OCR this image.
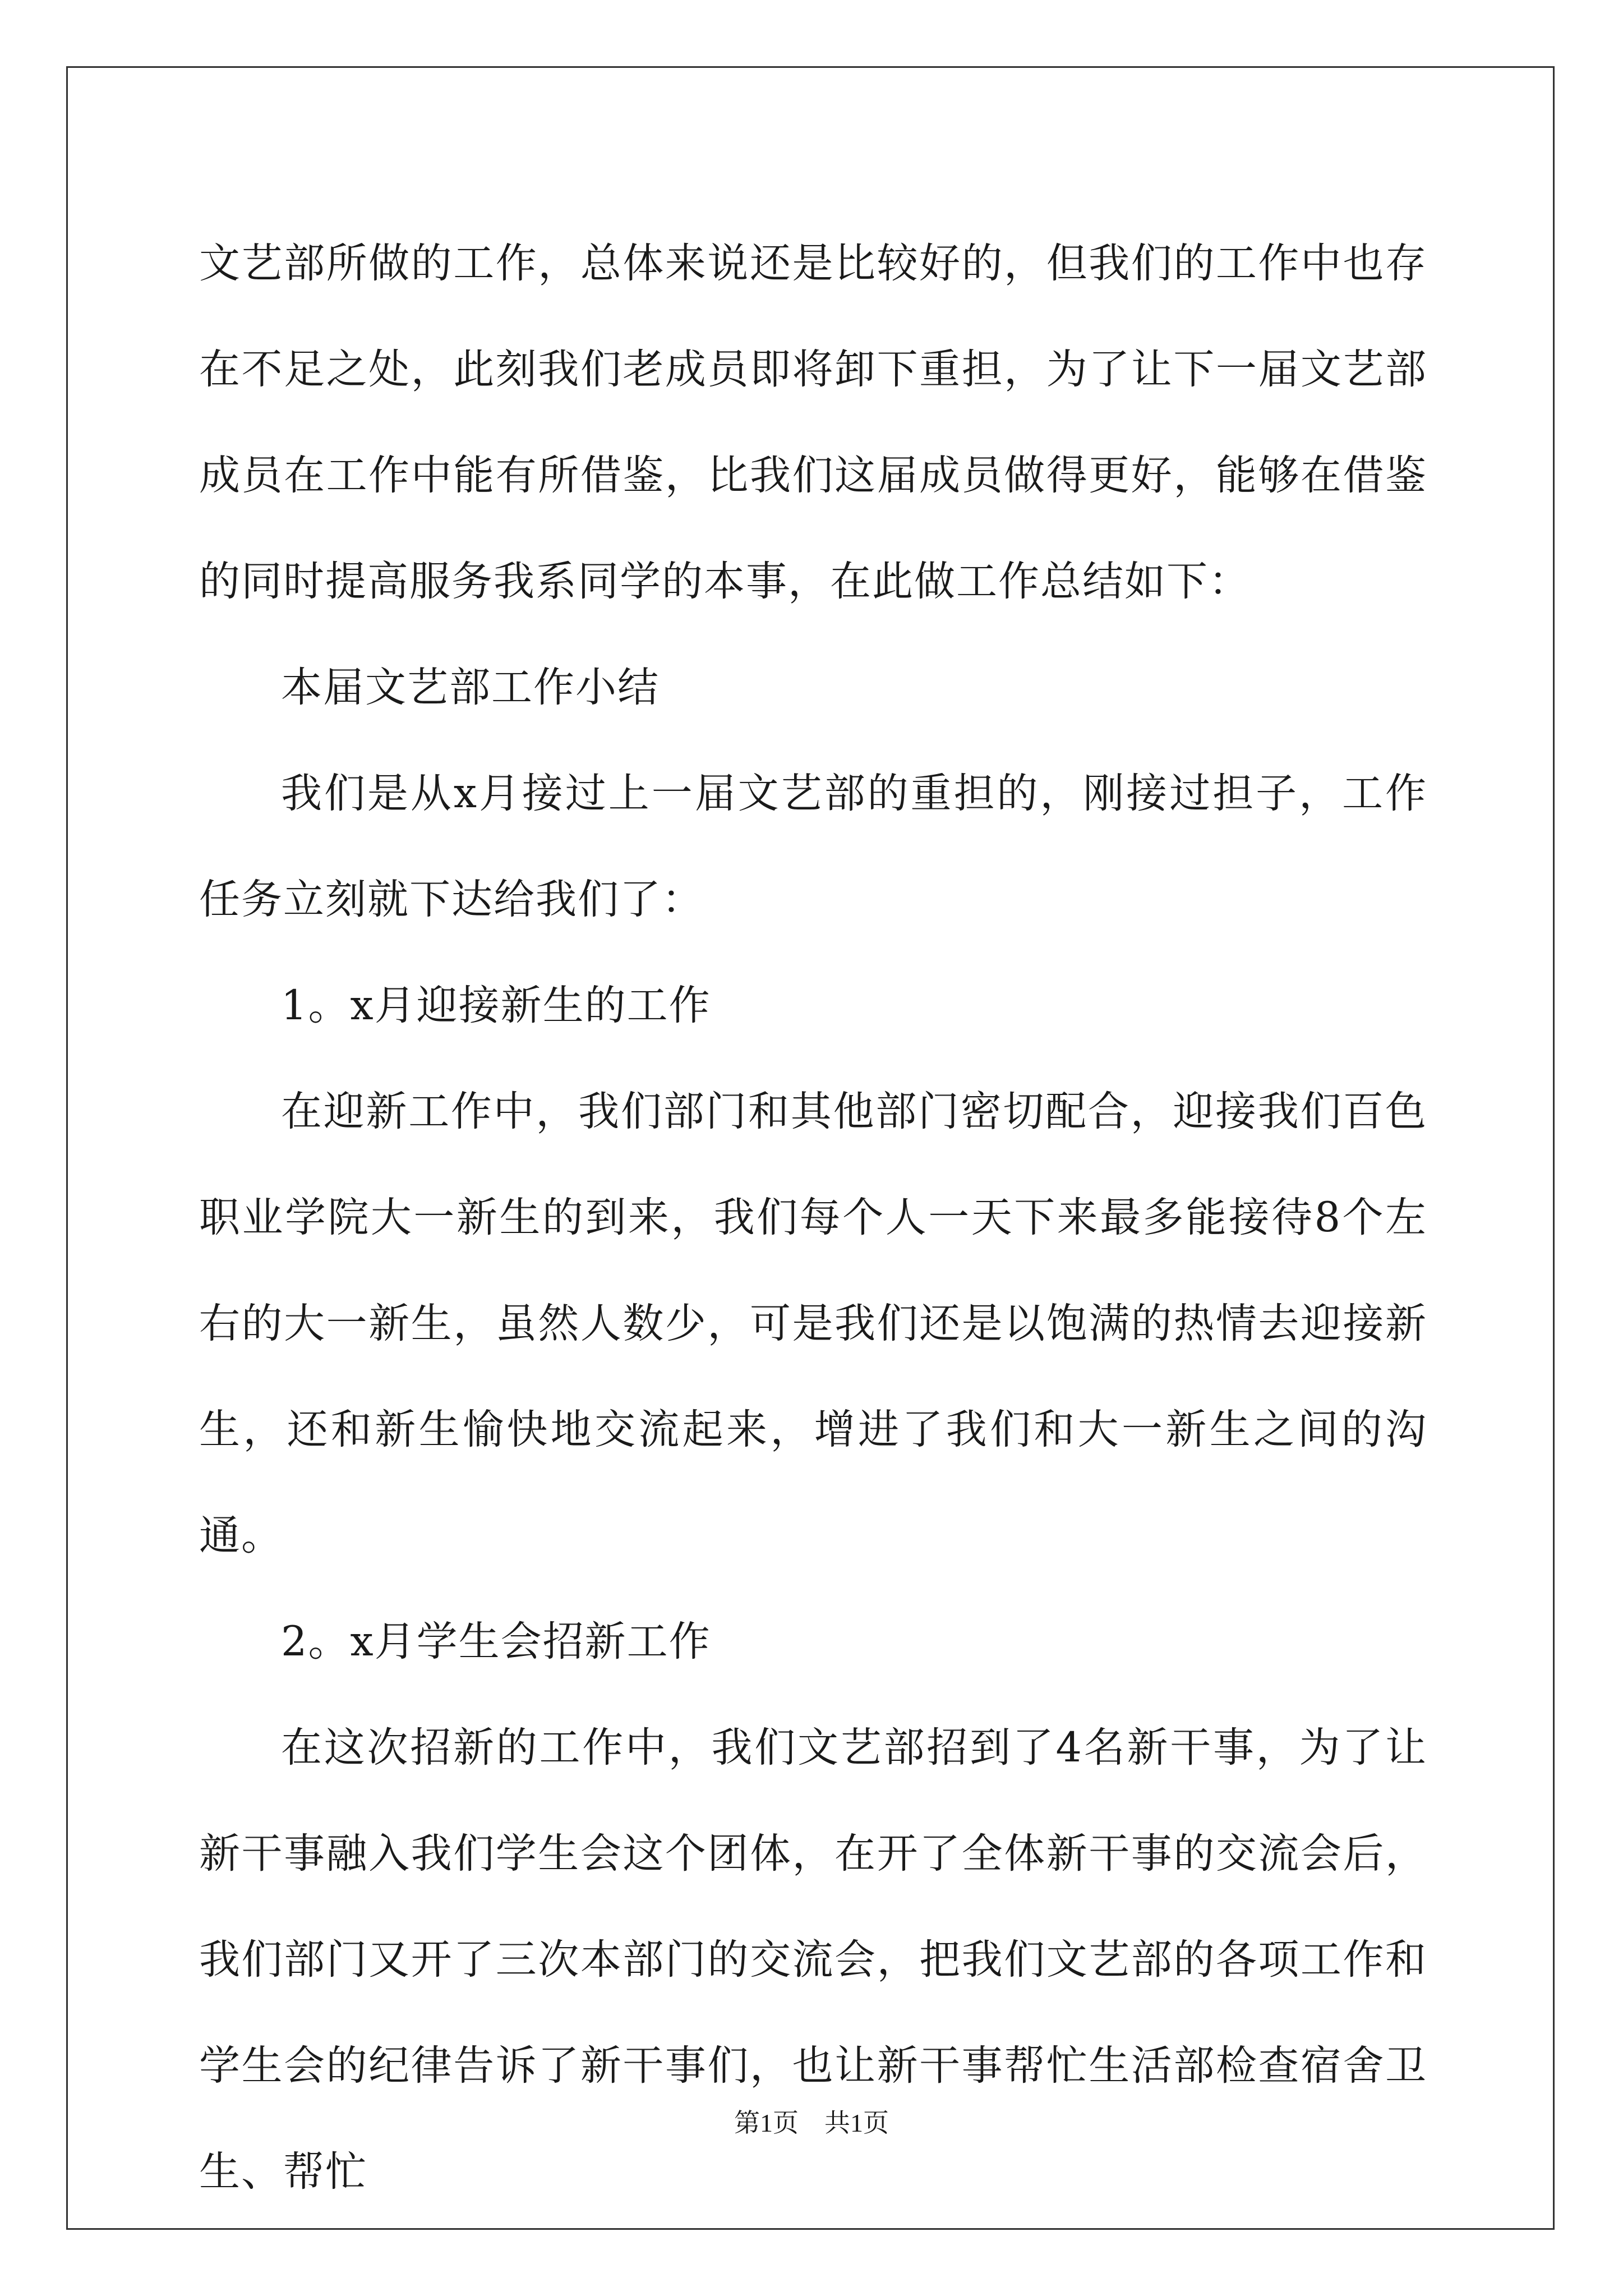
文艺部所做的工作，总体来说还是比较好的，但我们的工作中也存在不足之处，此刻我们老成员即将卸下重担，为了让下一届文艺部成员在工作中能有所借鉴，比我们这届成员做得更好，能够在借鉴的同时提高服务我系同学的本事，在此做工作总结如下：

本届文艺部工作小结

我们是从x月接过上一届文艺部的重担的，刚接过担子，工作任务立刻就下达给我们了：

1。x月迎接新生的工作

在迎新工作中，我们部门和其他部门密切配合，迎接我们百色职业学院大一新生的到来，我们每个人一天下来最多能接待8个左右的大一新生，虽然人数少，可是我们还是以饱满的热情去迎接新生，还和新生愉快地交流起来，增进了我们和大一新生之间的沟通。

2。x月学生会招新工作

在这次招新的工作中，我们文艺部招到了4名新干事，为了让新干事融入我们学生会这个团体，在开了全体新干事的交流会后，我们部门又开了三次本部门的交流会，把我们文艺部的各项工作和学生会的纪律告诉了新干事们，也让新干事帮忙生活部检查宿舍卫生、帮忙

第1页　共1页
